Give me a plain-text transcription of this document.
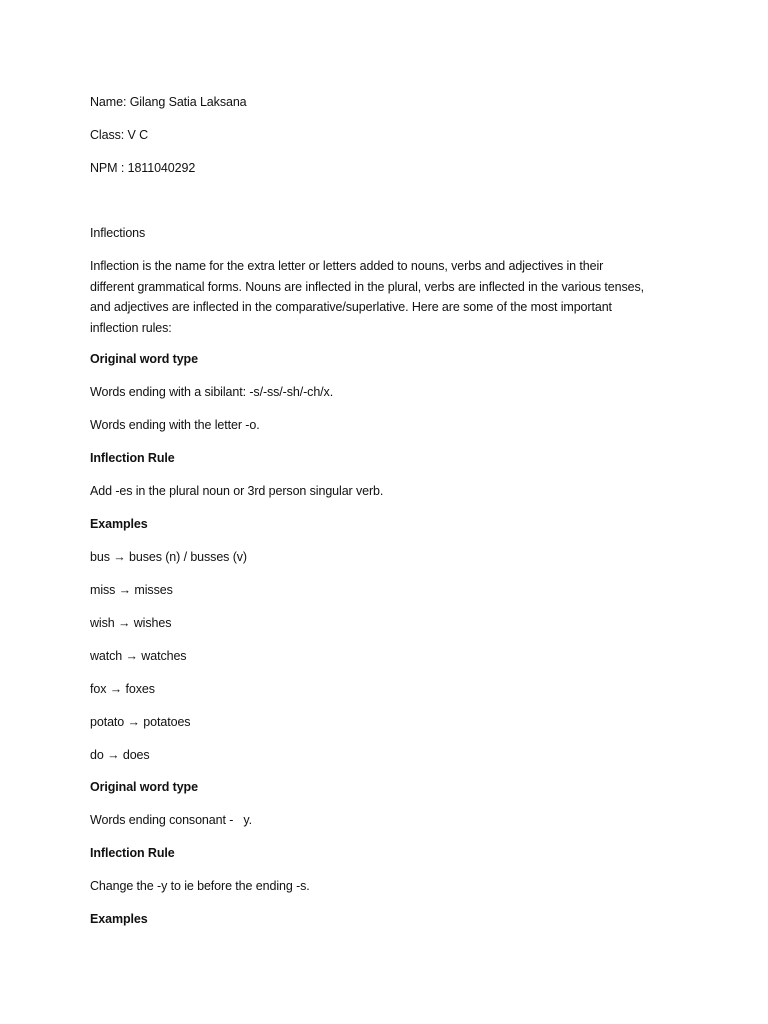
Name: Gilang Satia Laksana
Class: V C
NPM : 1811040292
Inflections
Inflection is the name for the extra letter or letters added to nouns, verbs and adjectives in their
different grammatical forms. Nouns are inflected in the plural, verbs are inflected in the various tenses,
and adjectives are inflected in the comparative/superlative. Here are some of the most important
inflection rules:
Original word type
Words ending with a sibilant: -s/-ss/-sh/-ch/x.
Words ending with the letter -o.
Inflection Rule
Add -es in the plural noun or 3rd person singular verb.
Examples
bus → buses (n) / busses (v)
miss → misses
wish → wishes
watch → watches
fox → foxes
potato → potatoes
do → does
Original word type
Words ending consonant -   y.
Inflection Rule
Change the -y to ie before the ending -s.
Examples
